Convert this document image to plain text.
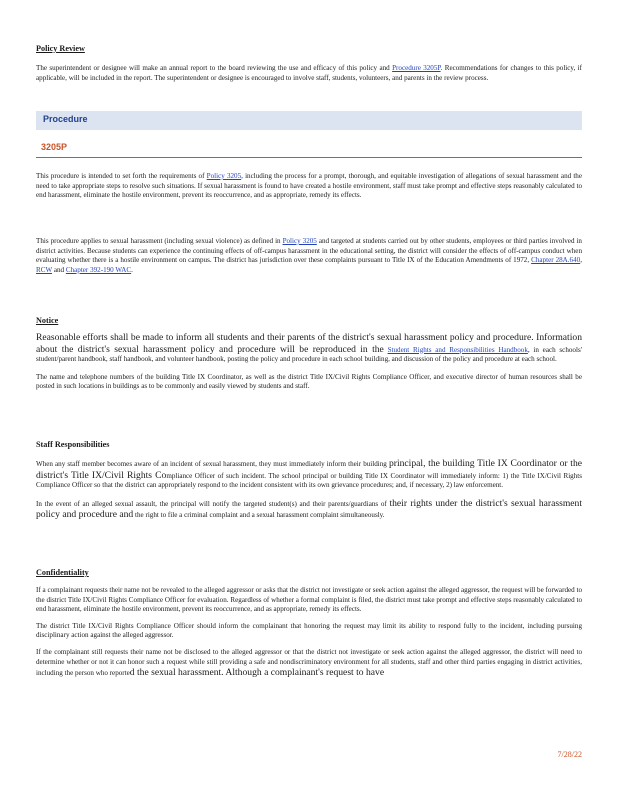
Policy Review
The superintendent or designee will make an annual report to the board reviewing the use and efficacy of this policy and Procedure 3205P. Recommendations for changes to this policy, if applicable, will be included in the report. The superintendent or designee is encouraged to involve staff, students, volunteers, and parents in the review process.
Procedure
3205P
This procedure is intended to set forth the requirements of Policy 3205, including the process for a prompt, thorough, and equitable investigation of allegations of sexual harassment and the need to take appropriate steps to resolve such situations. If sexual harassment is found to have created a hostile environment, staff must take prompt and effective steps reasonably calculated to end harassment, eliminate the hostile environment, prevent its reoccurrence, and as appropriate, remedy its effects.
This procedure applies to sexual harassment (including sexual violence) as defined in Policy 3205 and targeted at students carried out by other students, employees or third parties involved in district activities. Because students can experience the continuing effects of off-campus harassment in the educational setting, the district will consider the effects of off-campus conduct when evaluating whether there is a hostile environment on campus. The district has jurisdiction over these complaints pursuant to Title IX of the Education Amendments of 1972, Chapter 28A.640, RCW and Chapter 392-190 WAC.
Notice
Reasonable efforts shall be made to inform all students and their parents of the district's sexual harassment policy and procedure. Information about the district's sexual harassment policy and procedure will be reproduced in the Student Rights and Responsibilities Handbook, in each schools' student/parent handbook, staff handbook, and volunteer handbook, posting the policy and procedure in each school building, and discussion of the policy and procedure at each school.
The name and telephone numbers of the building Title IX Coordinator, as well as the district Title IX/Civil Rights Compliance Officer, and executive director of human resources shall be posted in such locations in buildings as to be commonly and easily viewed by students and staff.
Staff Responsibilities
When any staff member becomes aware of an incident of sexual harassment, they must immediately inform their building principal, the building Title IX Coordinator or the district's Title IX/Civil Rights Compliance Officer of such incident. The school principal or building Title IX Coordinator will immediately inform: 1) the Title IX/Civil Rights Compliance Officer so that the district can appropriately respond to the incident consistent with its own grievance procedures; and, if necessary, 2) law enforcement.
In the event of an alleged sexual assault, the principal will notify the targeted student(s) and their parents/guardians of their rights under the district's sexual harassment policy and procedure and the right to file a criminal complaint and a sexual harassment complaint simultaneously.
Confidentiality
If a complainant requests their name not be revealed to the alleged aggressor or asks that the district not investigate or seek action against the alleged aggressor, the request will be forwarded to the district Title IX/Civil Rights Compliance Officer for evaluation. Regardless of whether a formal complaint is filed, the district must take prompt and effective steps reasonably calculated to end harassment, eliminate the hostile environment, prevent its reoccurrence, and as appropriate, remedy its effects.
The district Title IX/Civil Rights Compliance Officer should inform the complainant that honoring the request may limit its ability to respond fully to the incident, including pursuing disciplinary action against the alleged aggressor.
If the complainant still requests their name not be disclosed to the alleged aggressor or that the district not investigate or seek action against the alleged aggressor, the district will need to determine whether or not it can honor such a request while still providing a safe and nondiscriminatory environment for all students, staff and other third parties engaging in district activities, including the person who reported the sexual harassment. Although a complainant's request to have
7/28/22
